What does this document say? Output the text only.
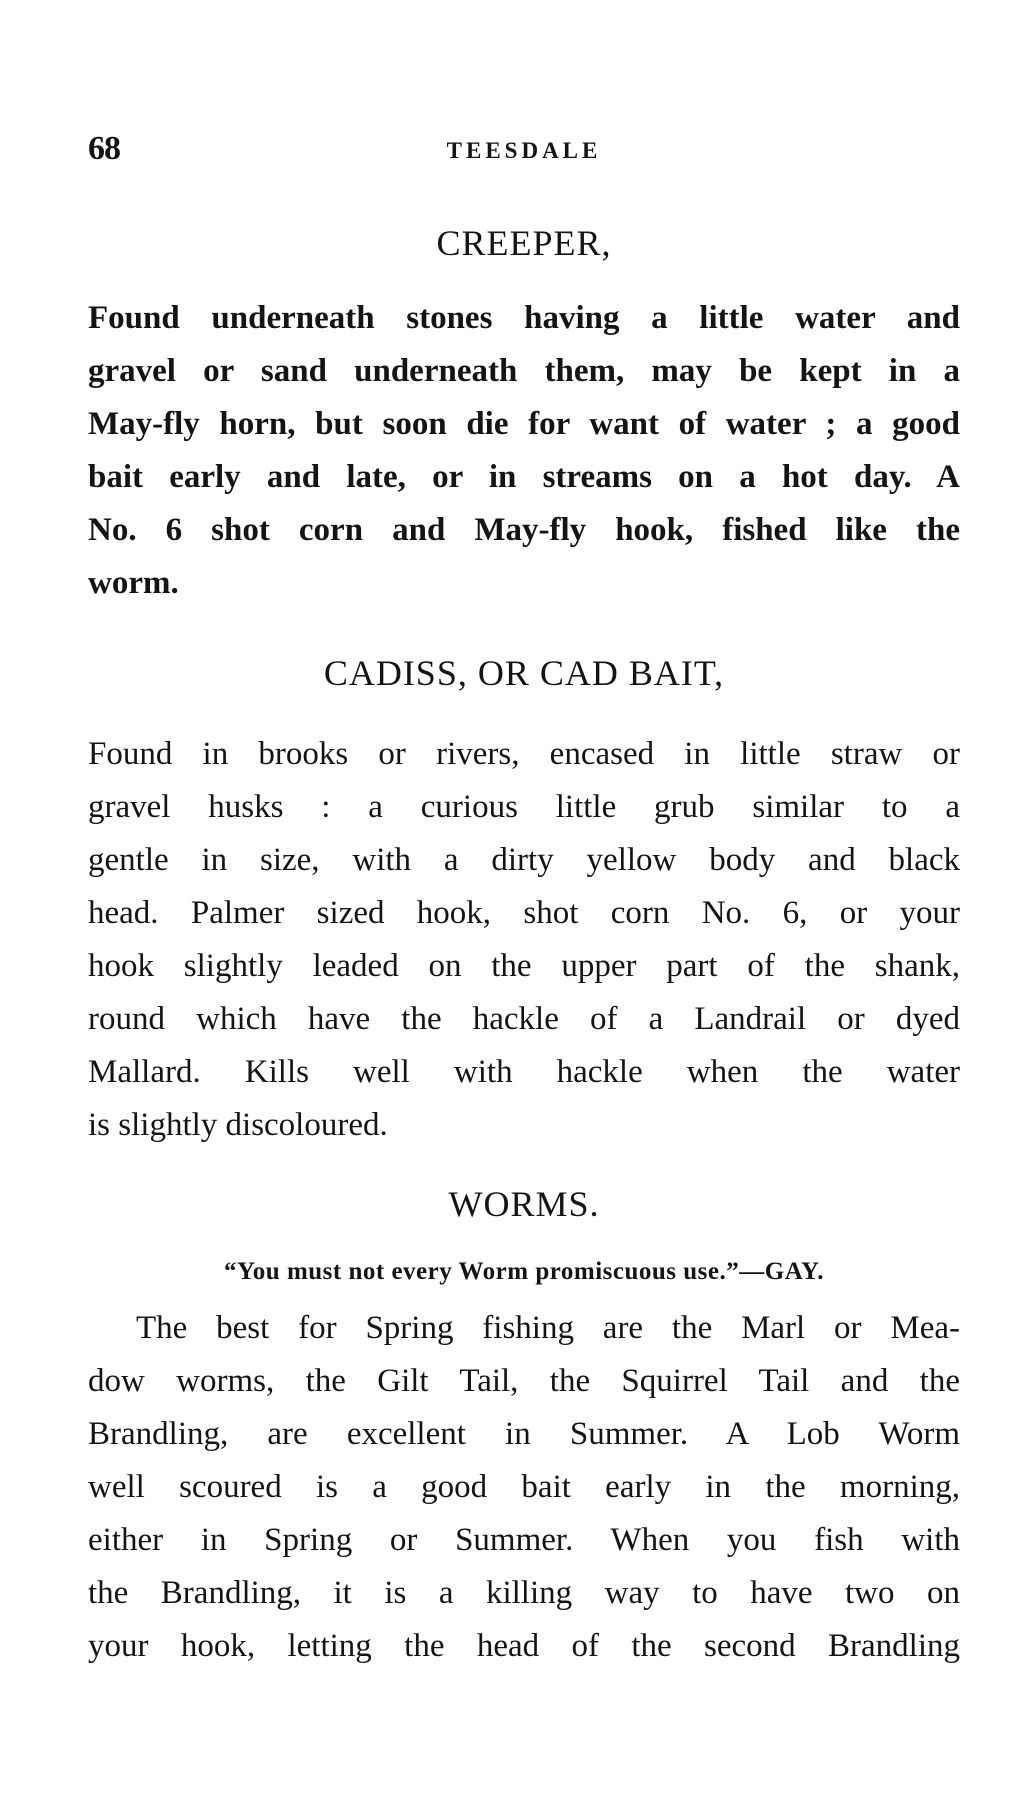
68	TEESDALE
CREEPER,
Found underneath stones having a little water and
gravel or sand underneath them, may be kept in a
May-fly horn, but soon die for want of water ; a good
bait early and late, or in streams on a hot day. A
No. 6 shot corn and May-fly hook, fished like the
worm.
CADISS, OR CAD BAIT,
Found in brooks or rivers, encased in little straw or
gravel husks : a curious little grub similar to a
gentle in size, with a dirty yellow body and black
head. Palmer sized hook, shot corn No. 6, or your
hook slightly leaded on the upper part of the shank,
round which have the hackle of a Landrail or dyed
Mallard. Kills well with hackle when the water
is slightly discoloured.
WORMS.
“You must not every Worm promiscuous use.”—GAY.
The best for Spring fishing are the Marl or Mea-
dow worms, the Gilt Tail, the Squirrel Tail and the
Brandling, are excellent in Summer. A Lob Worm
well scoured is a good bait early in the morning,
either in Spring or Summer. When you fish with
the Brandling, it is a killing way to have two on
your hook, letting the head of the second Brandling
